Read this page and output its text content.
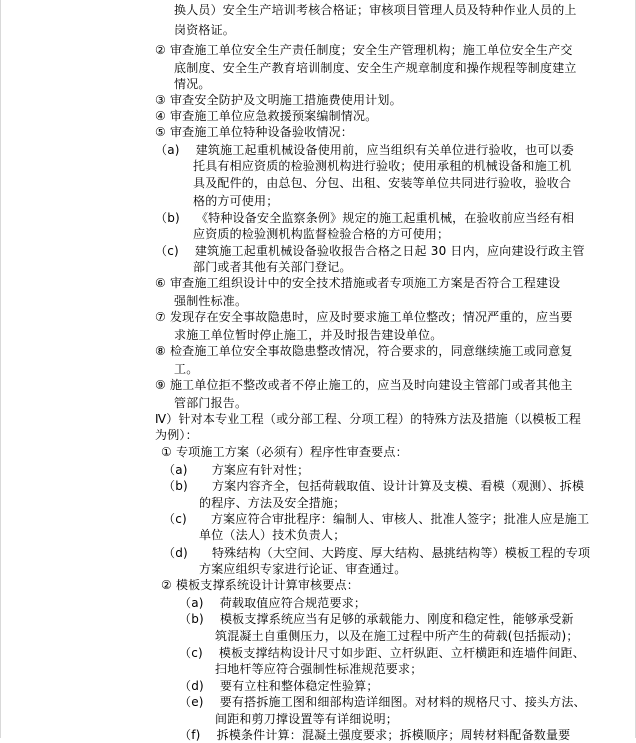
换人员）安全生产培训考核合格证；审核项目管理人员及特种作业人员的上
岗资格证。
② 审查施工单位安全生产责任制度；安全生产管理机构；施工单位安全生产交
底制度、安全生产教育培训制度、安全生产规章制度和操作规程等制度建立
情况。
③ 审查安全防护及文明施工措施费使用计划。
④ 审查施工单位应急救援预案编制情况。
⑤ 审查施工单位特种设备验收情况：
（a)    建筑施工起重机械设备使用前，应当组织有关单位进行验收，也可以委
托具有相应资质的检验测机构进行验收；使用承租的机械设备和施工机
具及配件的，由总包、分包、出租、安装等单位共同进行验收，验收合
格的方可使用；
（b)    《特种设备安全监察条例》规定的施工起重机械，在验收前应当经有相
应资质的检验测机构监督检验合格的方可使用；
（c)    建筑施工起重机械设备验收报告合格之日起 30 日内，应向建设行政主管
部门或者其他有关部门登记。
⑥ 审查施工组织设计中的安全技术措施或者专项施工方案是否符合工程建设
强制性标准。
⑦ 发现存在安全事故隐患时，应及时要求施工单位整改；情况严重的，应当要
求施工单位暂时停止施工，并及时报告建设单位。
⑧ 检查施工单位安全事故隐患整改情况，符合要求的，同意继续施工或同意复
工。
⑨ 施工单位拒不整改或者不停止施工的，应当及时向建设主管部门或者其他主
管部门报告。
Ⅳ）针对本专业工程（或分部工程、分项工程）的特殊方法及措施（以模板工程
为例）：
① 专项施工方案（必须有）程序性审查要点：
（a)      方案应有针对性；
（b)      方案内容齐全，包括荷载取值、设计计算及支模、看模（观测）、拆模
的程序、方法及安全措施；
（c)      方案应符合审批程序：编制人、审核人、批准人签字；批准人应是施工
单位（法人）技术负责人；
（d)      特殊结构（大空间、大跨度、厚大结构、悬挑结构等）模板工程的专项
方案应组织专家进行论证、审查通过。
② 模板支撑系统设计计算审核要点：
（a)    荷载取值应符合规范要求；
（b)    模板支撑系统应当有足够的承载能力、刚度和稳定性，能够承受新
筑混凝土自重侧压力，以及在施工过程中所产生的荷载(包括振动)；
（c)    模板支撑结构设计尺寸如步距、立杆纵距、立杆横距和连墙件间距、
扫地杆等应符合强制性标准规范要求；
（d)    要有立柱和整体稳定性验算；
（e)    要有搭拆施工图和细部构造详细图。对材料的规格尺寸、接头方法、
间距和剪刀撑设置等有详细说明；
（f)    拆模条件计算：混凝土强度要求；拆模顺序；周转材料配备数量要
